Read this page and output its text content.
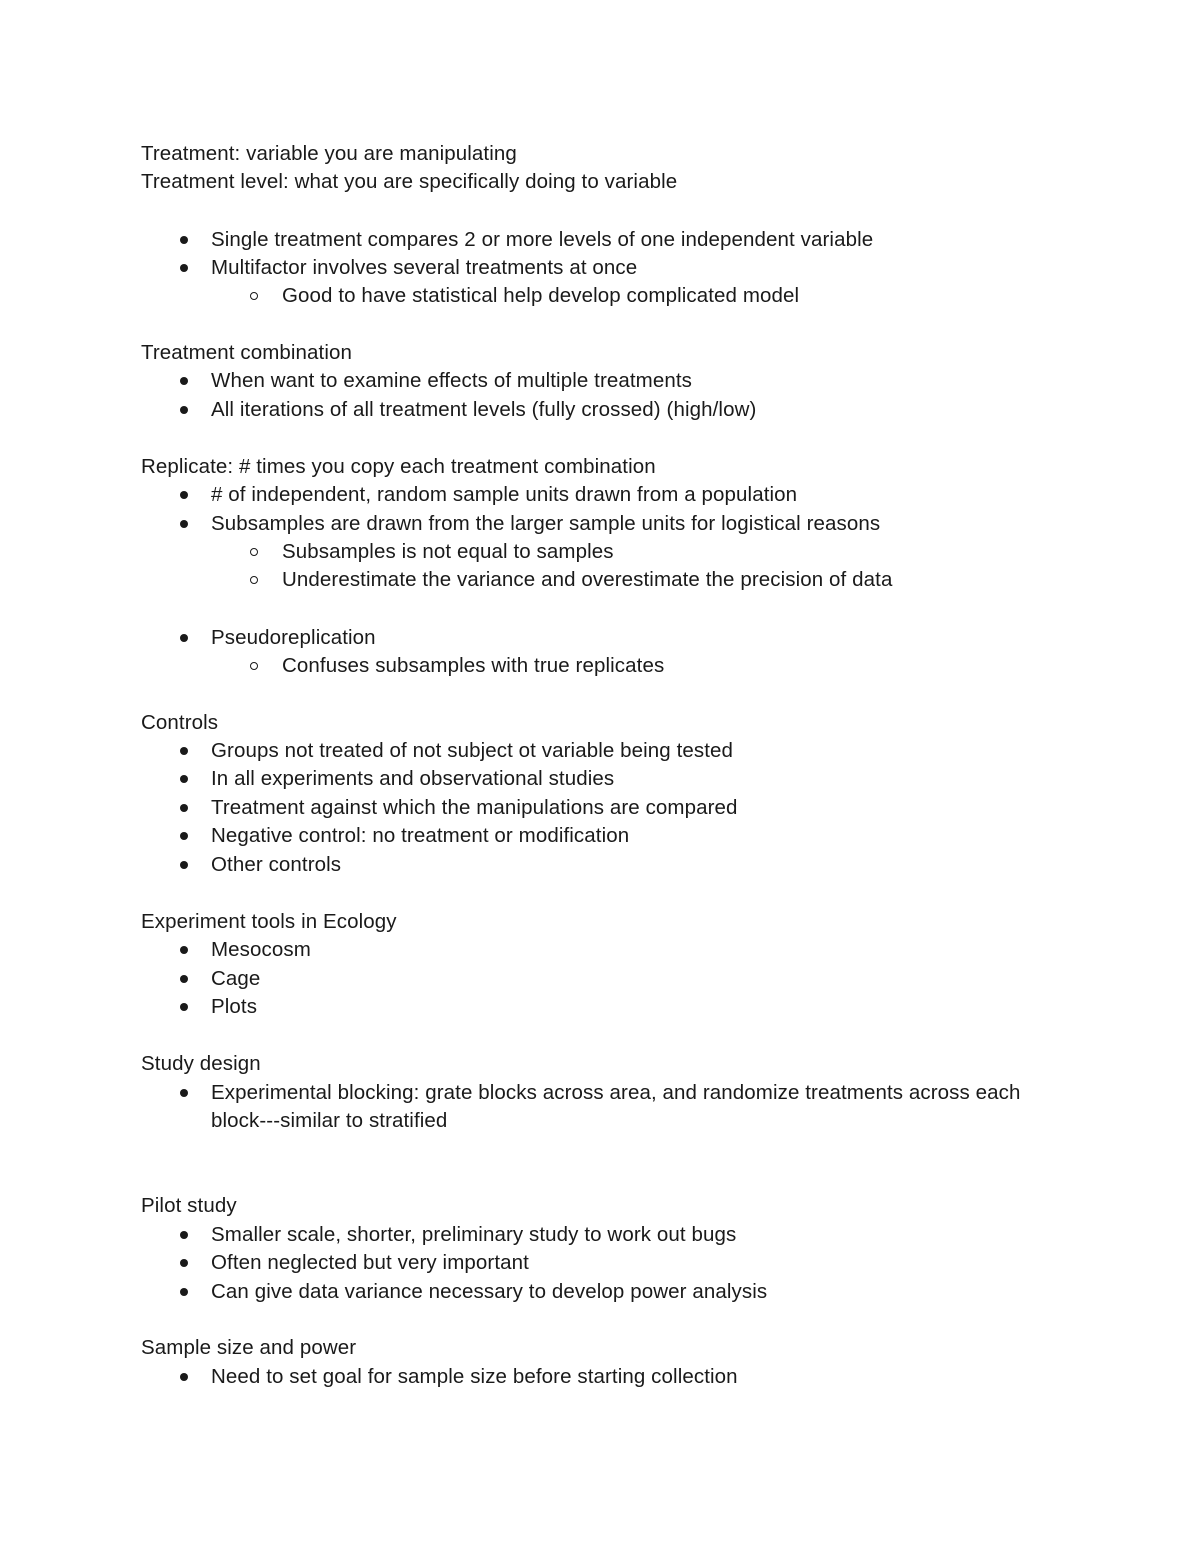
Treatment: variable you are manipulating
Treatment level: what you are specifically doing to variable
Single treatment compares 2 or more levels of one independent variable
Multifactor involves several treatments at once
Good to have statistical help develop complicated model
Treatment combination
When want to examine effects of multiple treatments
All iterations of all treatment levels (fully crossed) (high/low)
Replicate: # times you copy each treatment combination
# of independent, random sample units drawn from a population
Subsamples are drawn from the larger sample units for logistical reasons
Subsamples is not equal to samples
Underestimate the variance and overestimate the precision of data
Pseudoreplication
Confuses subsamples with true replicates
Controls
Groups not treated of not subject ot variable being tested
In all experiments and observational studies
Treatment against which the manipulations are compared
Negative control: no treatment or modification
Other controls
Experiment tools in Ecology
Mesocosm
Cage
Plots
Study design
Experimental blocking: grate blocks across area, and randomize treatments across each
block---similar to stratified
Pilot study
Smaller scale, shorter, preliminary study to work out bugs
Often neglected but very important
Can give data variance necessary to develop power analysis
Sample size and power
Need to set goal for sample size before starting collection
